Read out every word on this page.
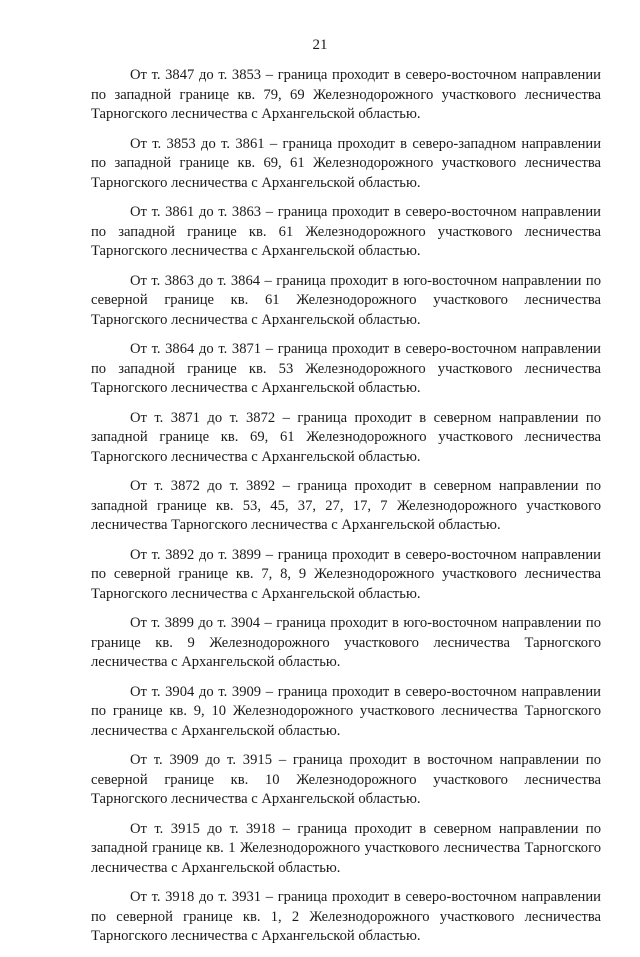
21

От т. 3847 до т. 3853 – граница проходит в северо-восточном направлении по западной границе кв. 79, 69 Железнодорожного участкового лесничества Тарногского лесничества с Архангельской областью.

От т. 3853 до т. 3861 – граница проходит в северо-западном направлении по западной границе кв. 69, 61 Железнодорожного участкового лесничества Тарногского лесничества с Архангельской областью.

От т. 3861 до т. 3863 – граница проходит в северо-восточном направлении по западной границе кв. 61 Железнодорожного участкового лесничества Тарногского лесничества с Архангельской областью.

От т. 3863 до т. 3864 – граница проходит в юго-восточном направлении по северной границе кв. 61 Железнодорожного участкового лесничества Тарногского лесничества с Архангельской областью.

От т. 3864 до т. 3871 – граница проходит в северо-восточном направлении по западной границе кв. 53 Железнодорожного участкового лесничества Тарногского лесничества с Архангельской областью.

От т. 3871 до т. 3872 – граница проходит в северном направлении по западной границе кв. 69, 61 Железнодорожного участкового лесничества Тарногского лесничества с Архангельской областью.

От т. 3872 до т. 3892 – граница проходит в северном направлении по западной границе кв. 53, 45, 37, 27, 17, 7 Железнодорожного участкового лесничества Тарногского лесничества с Архангельской областью.

От т. 3892 до т. 3899 – граница проходит в северо-восточном направлении по северной границе кв. 7, 8, 9 Железнодорожного участкового лесничества Тарногского лесничества с Архангельской областью.

От т. 3899 до т. 3904 – граница проходит в юго-восточном направлении по границе кв. 9 Железнодорожного участкового лесничества Тарногского лесничества с Архангельской областью.

От т. 3904 до т. 3909 – граница проходит в северо-восточном направлении по границе кв. 9, 10 Железнодорожного участкового лесничества Тарногского лесничества с Архангельской областью.

От т. 3909 до т. 3915 – граница проходит в восточном направлении по северной границе кв. 10 Железнодорожного участкового лесничества Тарногского лесничества с Архангельской областью.

От т. 3915 до т. 3918 – граница проходит в северном направлении по западной границе кв. 1 Железнодорожного участкового лесничества Тарногского лесничества с Архангельской областью.

От т. 3918 до т. 3931 – граница проходит в северо-восточном направлении по северной границе кв. 1, 2 Железнодорожного участкового лесничества Тарногского лесничества с Архангельской областью.
